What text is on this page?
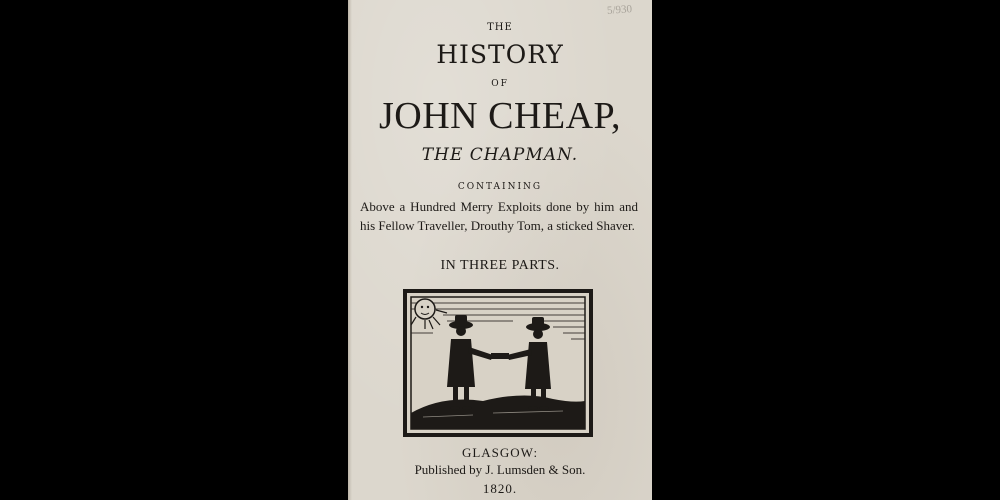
5/930
THE
HISTORY
OF
JOHN CHEAP,
THE CHAPMAN.
CONTAINING
Above a Hundred Merry Exploits done by him and his Fellow Traveller, Drouthy Tom, a sticked Shaver.
IN THREE PARTS.
GLASGOW:
Published by J. Lumsden & Son.
1820.
